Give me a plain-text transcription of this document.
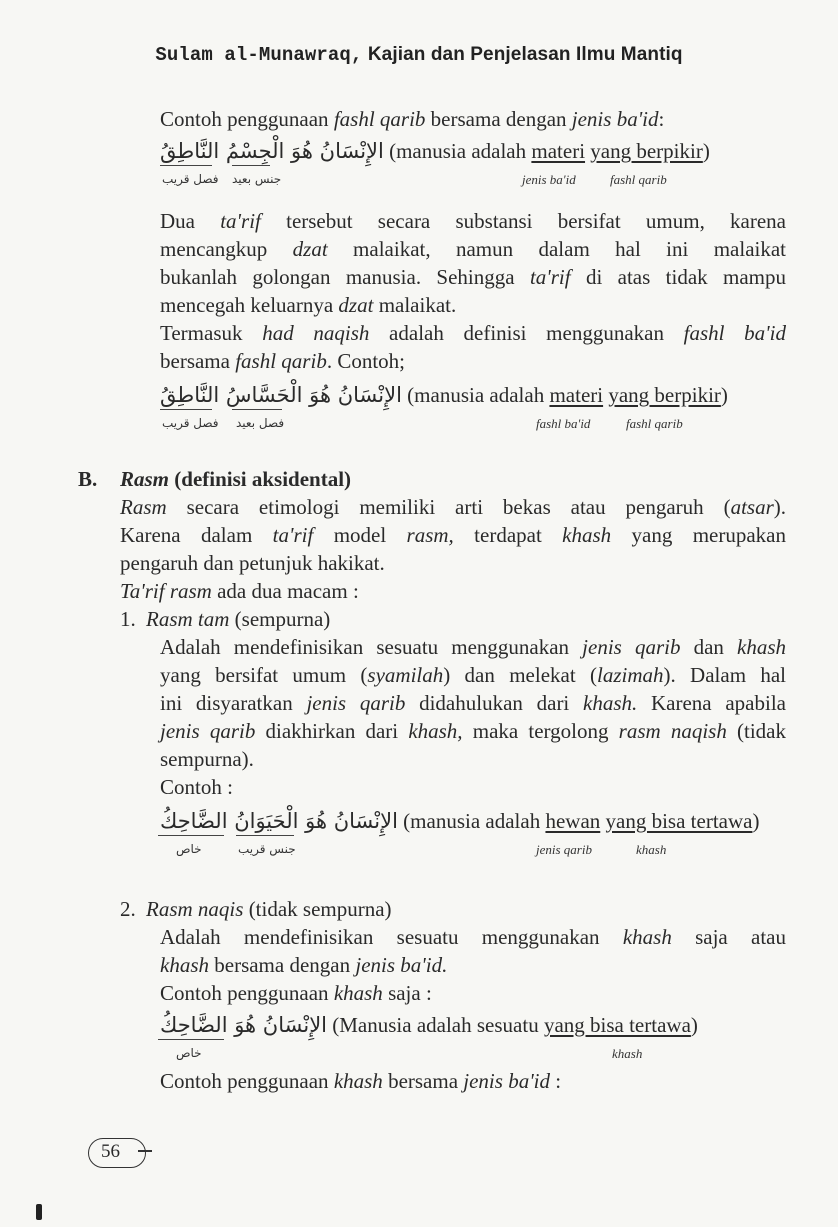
Sulam al-Munawraq, Kajian dan Penjelasan Ilmu Mantiq
Contoh penggunaan fashl qarib bersama dengan jenis ba'id:
الإِنْسَانُ هُوَ الْجِسْمُ النَّاطِقُ (manusia adalah materi yang berpikir)
فصل قريب جنس بعيد	jenis ba'id	fashl qarib
Dua ta'rif tersebut secara substansi bersifat umum, karena
mencangkup dzat malaikat, namun dalam hal ini malaikat
bukanlah golongan manusia. Sehingga ta'rif di atas tidak mampu
mencegah keluarnya dzat malaikat.
Termasuk had naqish adalah definisi menggunakan fashl ba'id
bersama fashl qarib. Contoh;
الإِنْسَانُ هُوَ الْحَسَّاسُ النَّاطِقُ (manusia adalah materi yang berpikir)
فصل قريب فصل بعيد	fashl ba'id	fashl qarib
B. Rasm (definisi aksidental)
Rasm secara etimologi memiliki arti bekas atau pengaruh (atsar).
Karena dalam ta'rif model rasm, terdapat khash yang merupakan
pengaruh dan petunjuk hakikat.
Ta'rif rasm ada dua macam :
1. Rasm tam (sempurna)
Adalah mendefinisikan sesuatu menggunakan jenis qarib dan khash
yang bersifat umum (syamilah) dan melekat (lazimah). Dalam hal
ini disyaratkan jenis qarib didahulukan dari khash. Karena apabila
jenis qarib diakhirkan dari khash, maka tergolong rasm naqish (tidak
sempurna).
Contoh :
الإِنْسَانُ هُوَ الْحَيَوَانُ الضَّاحِكُ (manusia adalah hewan yang bisa tertawa)
خاص	جنس قريب	jenis qarib	khash
2. Rasm naqis (tidak sempurna)
Adalah mendefinisikan sesuatu menggunakan khash saja atau
khash bersama dengan jenis ba'id.
Contoh penggunaan khash saja :
الإِنْسَانُ هُوَ الضَّاحِكُ (Manusia adalah sesuatu yang bisa tertawa)
خاص	khash
Contoh penggunaan khash bersama jenis ba'id :
56
